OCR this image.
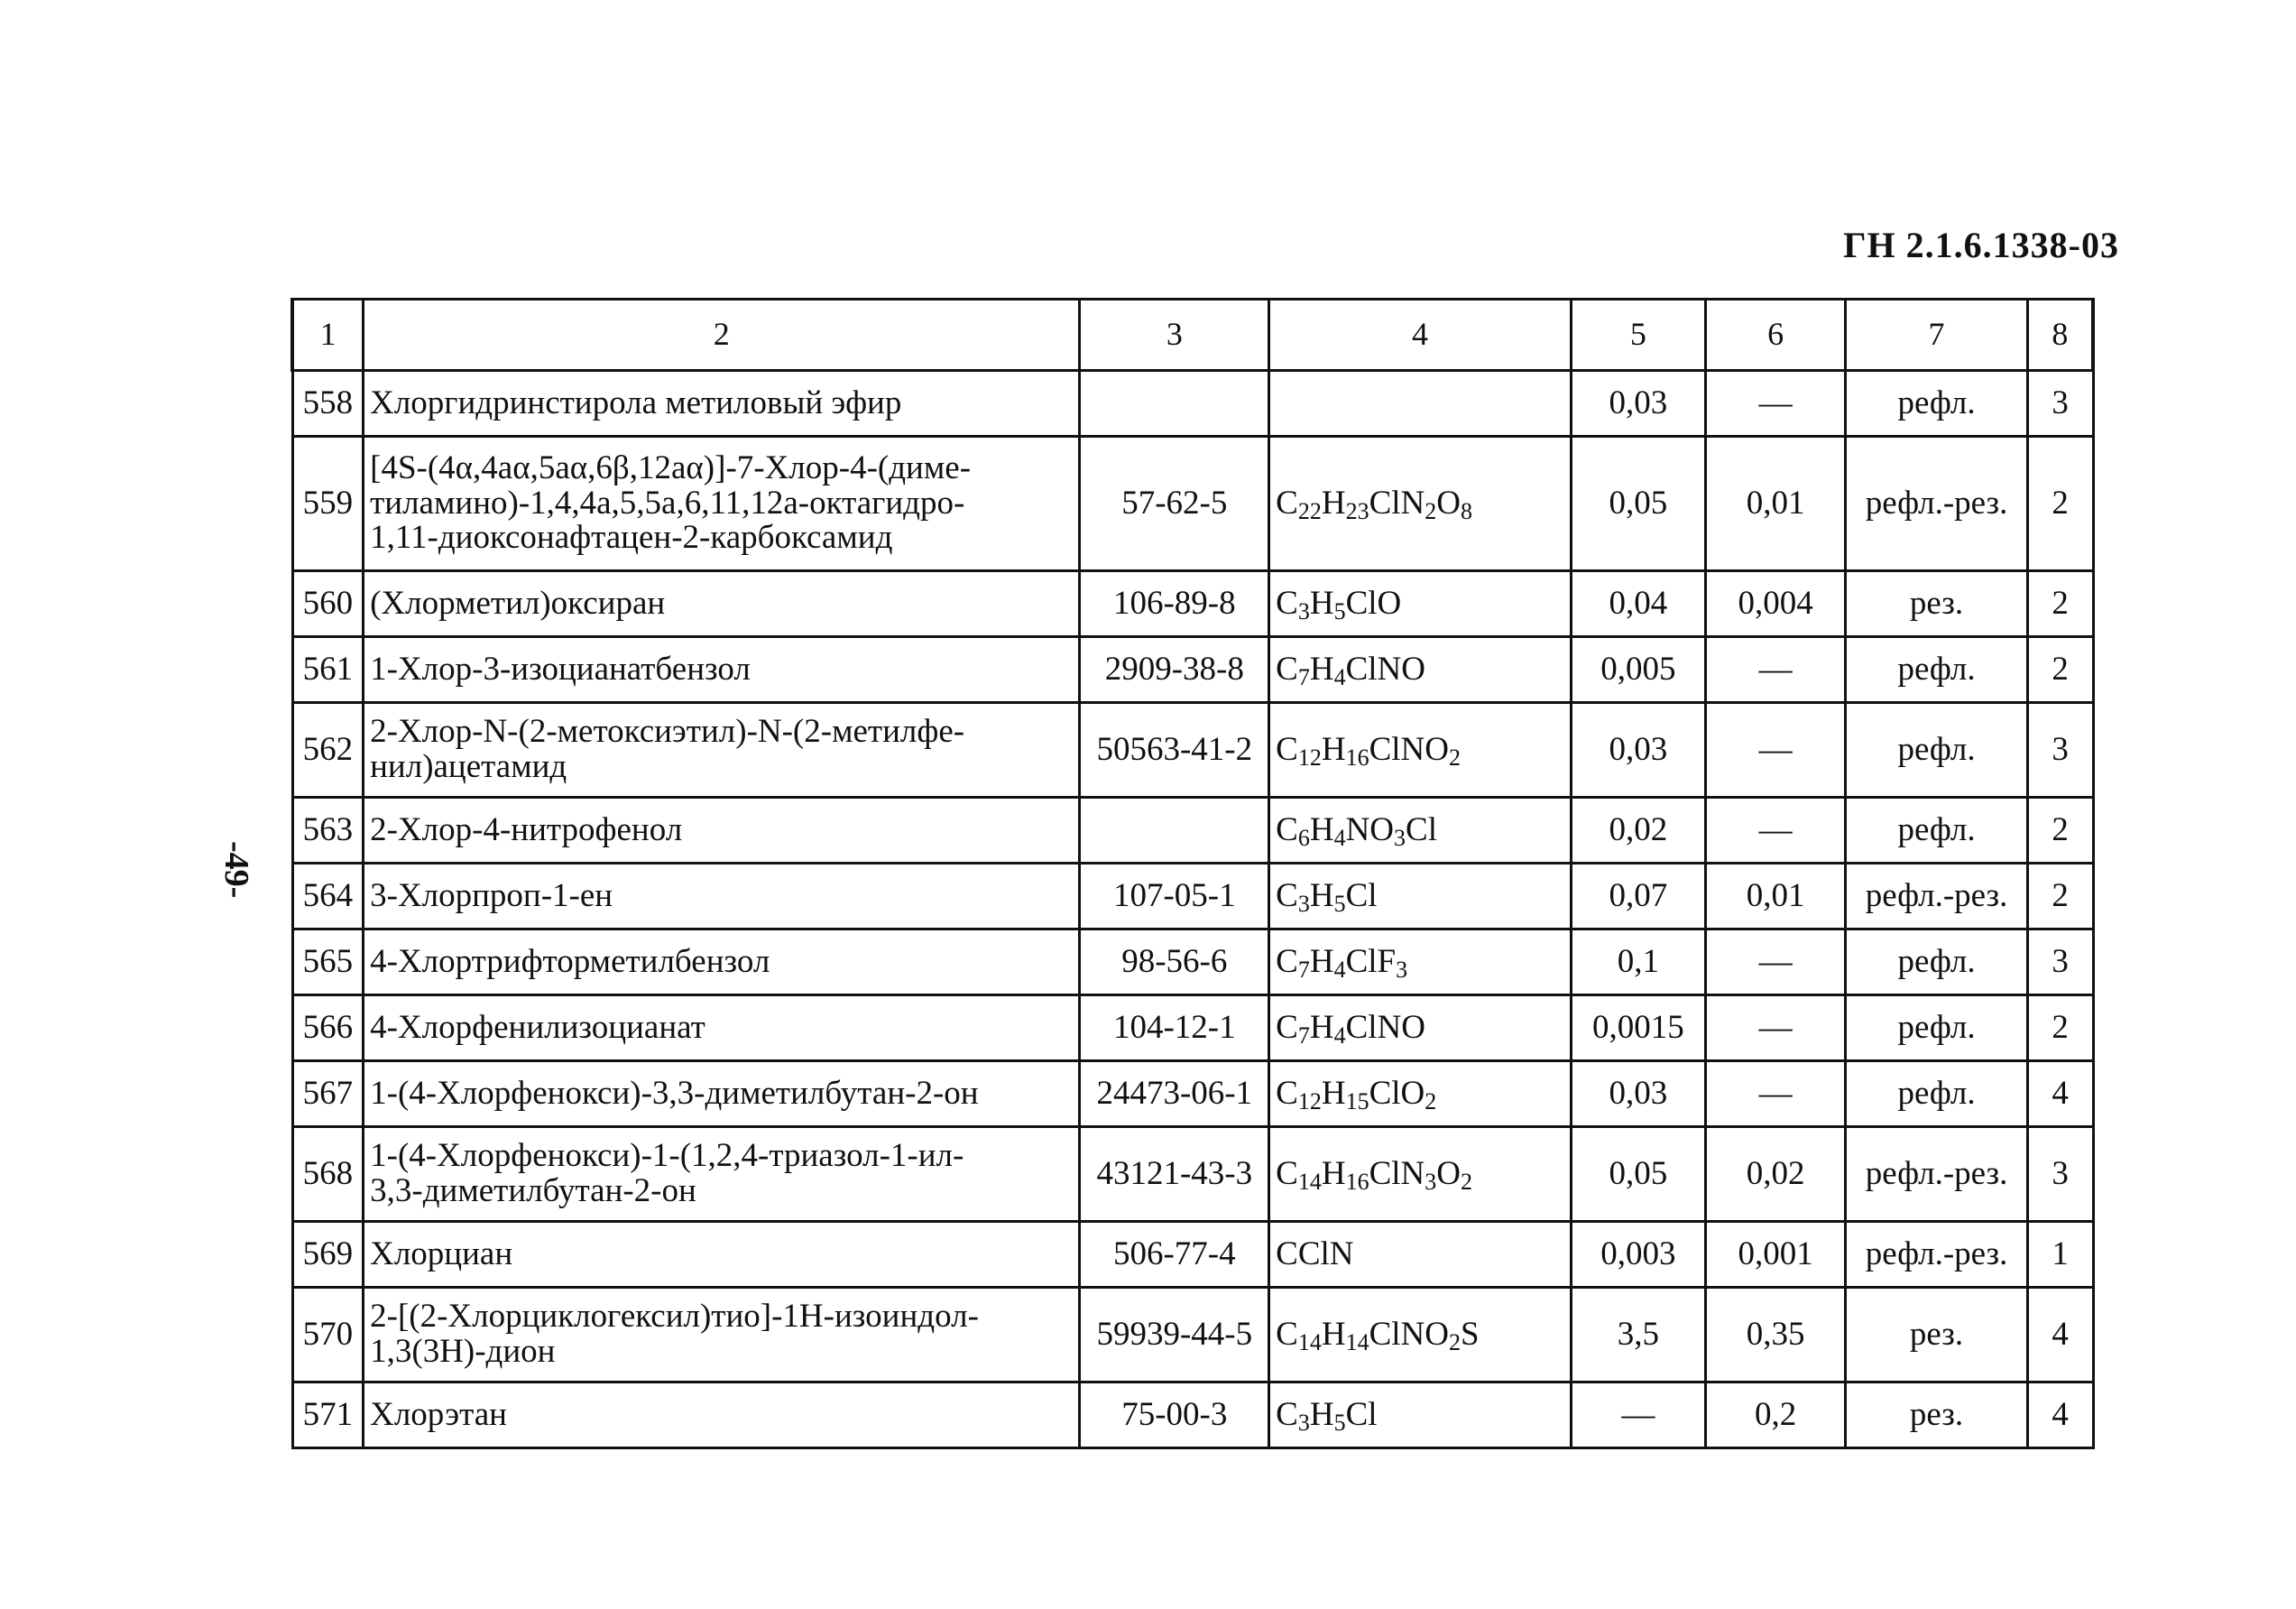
ГН 2.1.6.1338-03
-49-
1	2	3	4	5	6	7	8
558	Хлоргидринстирола метиловый эфир			0,03	—	рефл.	3
559	[4S-(4α,4aα,5aα,6β,12aα)]-7-Хлор-4-(диме-
тиламино)-1,4,4a,5,5a,6,11,12a-октагидро-
1,11-диоксонафтацен-2-карбоксамид	57-62-5	$C_{22}H_{23}ClN_2O_8$	0,05	0,01	рефл.-рез.	2
560	(Хлорметил)оксиран	106-89-8	$C_3H_5ClO$	0,04	0,004	рез.	2
561	1-Хлор-3-изоцианатбензол	2909-38-8	$C_7H_4ClNO$	0,005	—	рефл.	2
562	2-Хлор-N-(2-метоксиэтил)-N-(2-метилфе-
нил)ацетамид	50563-41-2	$C_{12}H_{16}ClNO_2$	0,03	—	рефл.	3
563	2-Хлор-4-нитрофенол		$C_6H_4NO_3Cl$	0,02	—	рефл.	2
564	3-Хлорпроп-1-ен	107-05-1	$C_3H_5Cl$	0,07	0,01	рефл.-рез.	2
565	4-Хлортрифторметилбензол	98-56-6	$C_7H_4ClF_3$	0,1	—	рефл.	3
566	4-Хлорфенилизоцианат	104-12-1	$C_7H_4ClNO$	0,0015	—	рефл.	2
567	1-(4-Хлорфенокси)-3,3-диметилбутан-2-он	24473-06-1	$C_{12}H_{15}ClO_2$	0,03	—	рефл.	4
568	1-(4-Хлорфенокси)-1-(1,2,4-триазол-1-ил-
3,3-диметилбутан-2-он	43121-43-3	$C_{14}H_{16}ClN_3O_2$	0,05	0,02	рефл.-рез.	3
569	Хлорциан	506-77-4	CClN	0,003	0,001	рефл.-рез.	1
570	2-[(2-Хлорциклогексил)тио]-1H-изоиндол-
1,3(3H)-дион	59939-44-5	$C_{14}H_{14}ClNO_2S$	3,5	0,35	рез.	4
571	Хлорэтан	75-00-3	$C_3H_5Cl$	—	0,2	рез.	4
